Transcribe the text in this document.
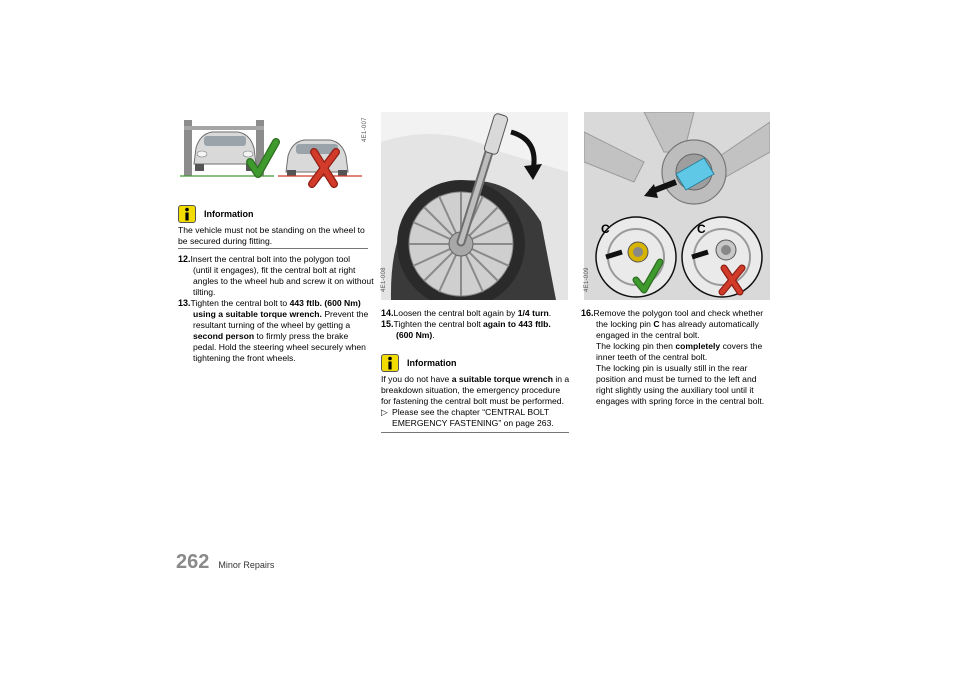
4E1-007
Information
The vehicle must not be standing on the wheel to
be secured during fitting.
12.Insert the central bolt into the polygon tool
(until it engages), fit the central bolt at right
angles to the wheel hub and screw it on without
tilting.
13.Tighten the central bolt to 443 ftlb. (600 Nm)
using a suitable torque wrench. Prevent the
resultant turning of the wheel by getting a
second person to firmly press the brake
pedal. Hold the steering wheel securely when
tightening the front wheels.
4E1-008
14.Loosen the central bolt again by 1/4 turn.
15.Tighten the central bolt again to 443 ftlb.
(600 Nm).
Information
If you do not have a suitable torque wrench in a
breakdown situation, the emergency procedure
for fastening the central bolt must be performed.
▷ Please see the chapter “CENTRAL BOLT
EMERGENCY FASTENING” on page 263.
C	C
4E1-009
16.Remove the polygon tool and check whether
the locking pin C has already automatically
engaged in the central bolt.
The locking pin then completely covers the
inner teeth of the central bolt.
The locking pin is usually still in the rear
position and must be turned to the left and
right slightly using the auxiliary tool until it
engages with spring force in the central bolt.
262 Minor Repairs
